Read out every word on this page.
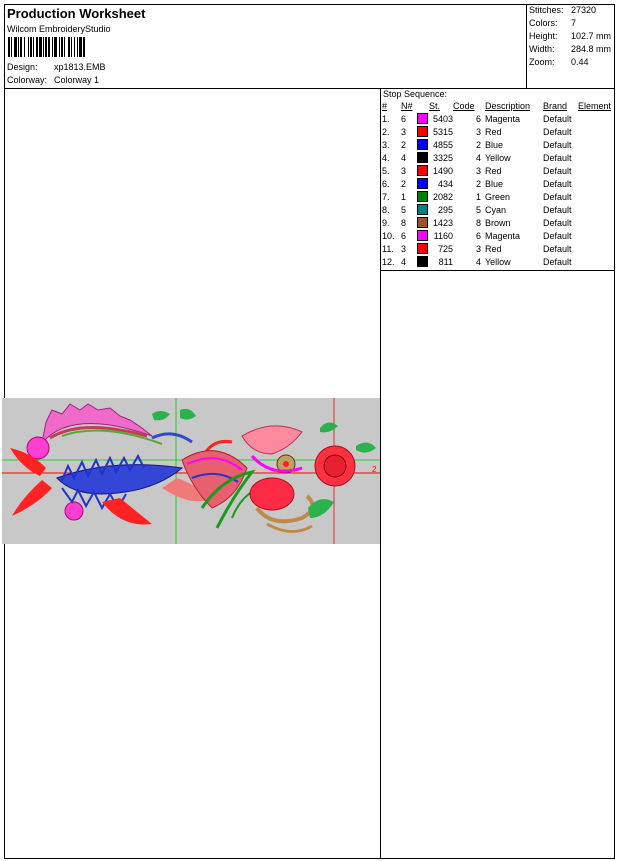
Production Worksheet
Wilcom EmbroideryStudio
Design: xp1813.EMB
Colorway: Colorway 1
Stitches: 27320
Colors: 7
Height: 102.7 mm
Width: 284.8 mm
Zoom: 0.44
Stop Sequence:
#	N#		St.	Code	Description	Brand	Element
1.	6		5403	6	Magenta	Default	
2.	3		5315	3	Red	Default	
3.	2		4855	2	Blue	Default	
4.	4		3325	4	Yellow	Default	
5.	3		1490	3	Red	Default	
6.	2		434	2	Blue	Default	
7.	1		2082	1	Green	Default	
8.	5		295	5	Cyan	Default	
9.	8		1423	8	Brown	Default	
10.	6		1160	6	Magenta	Default	
11.	3		725	3	Red	Default	
12.	4		811	4	Yellow	Default	
2
